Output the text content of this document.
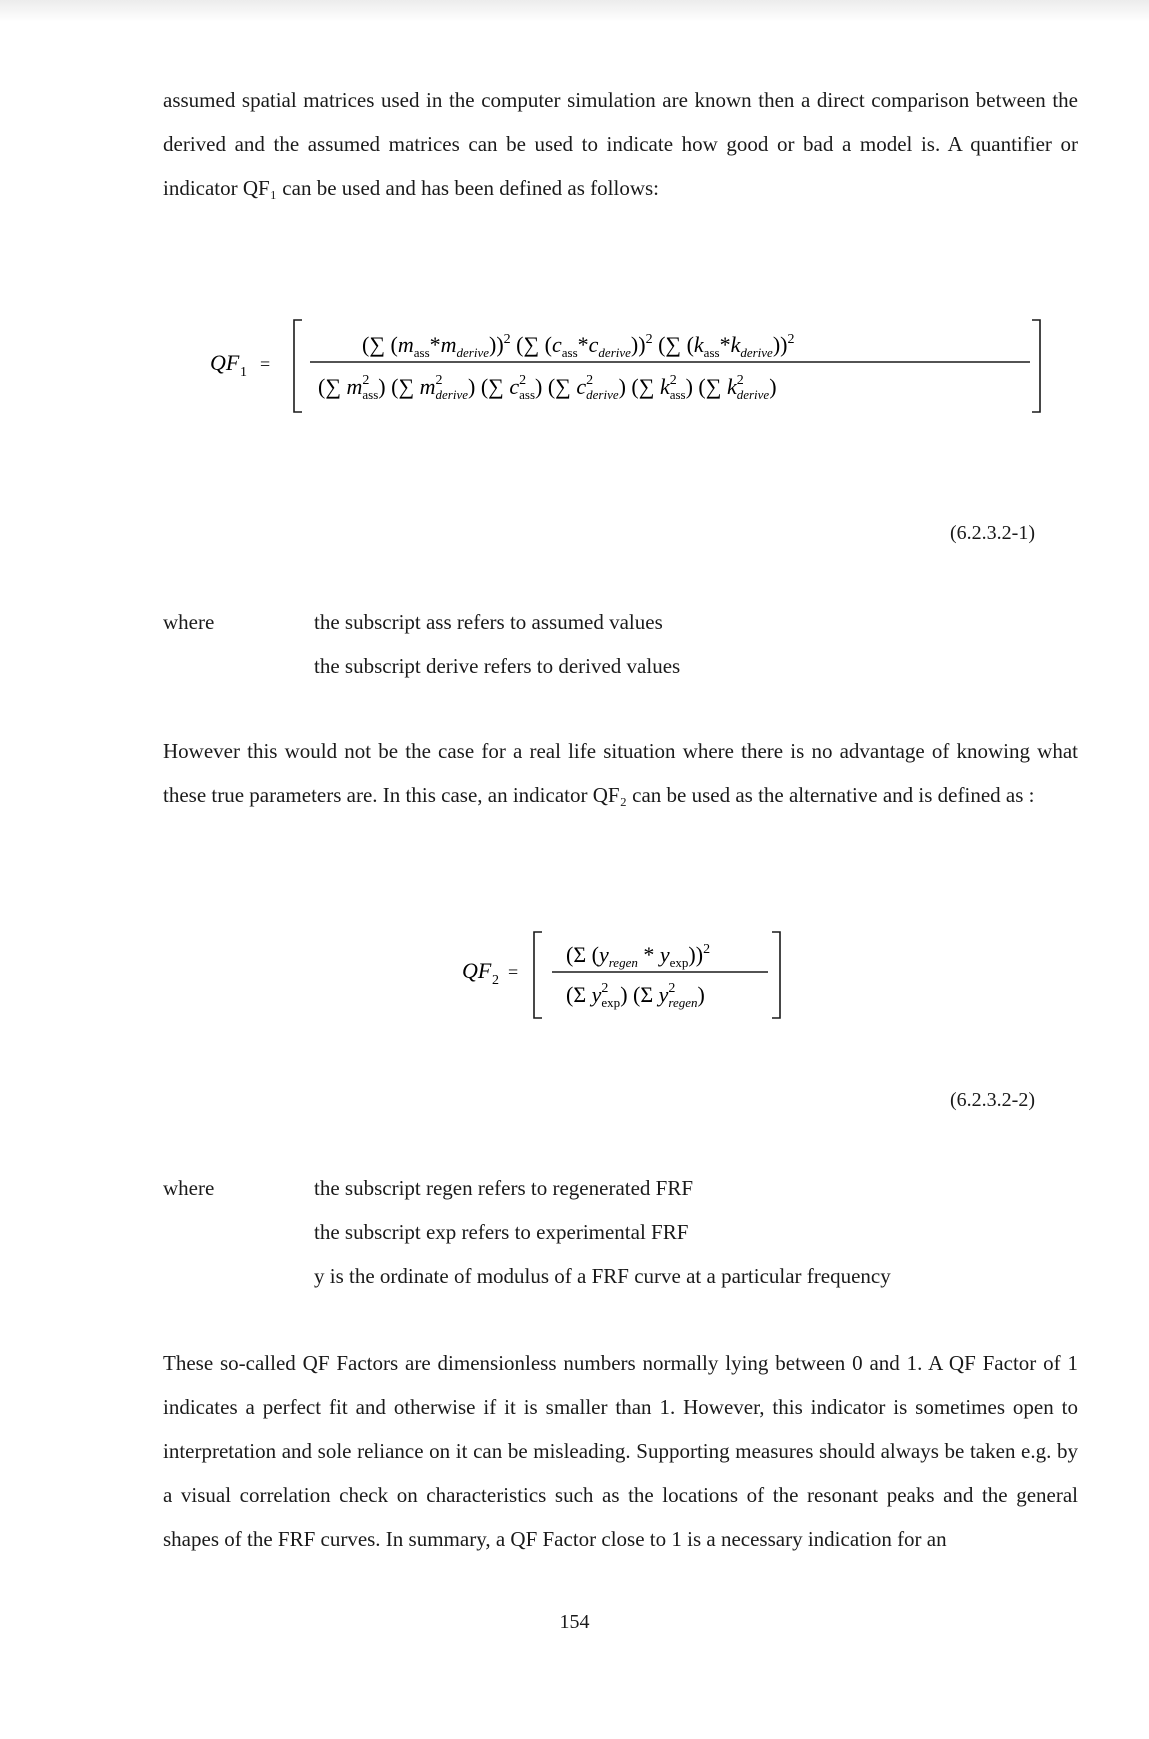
assumed spatial matrices used in the computer simulation are known then a direct comparison between the derived and the assumed matrices can be used to indicate how good or bad a model is. A quantifier or indicator QF₁ can be used and has been defined as follows:

QF 1 =
(∑ $(m_{ass}*m_{derive}))^2$ (∑ $(c_{ass}*c_{derive}))^2$ (∑ $(k_{ass}*k_{derive}))^2$
(∑ $m^2$ ass) (∑ $m^2$ derive) (∑ $c^2$ ass) (∑ $c^2$ derive) (∑ $k^2$ ass) (∑ $k^2$ derive)
(6.2.3.2-1)
where	the subscript ass refers to assumed values
the subscript derive refers to derived values

However this would not be the case for a real life situation where there is no advantage of knowing what these true parameters are. In this case, an indicator QF₂ can be used as the alternative and is defined as :

QF 2 =
(Σ $(y_{regen} * y_{exp}))^2$
(Σ $y^2$ exp) (Σ $y^2$ regen)
(6.2.3.2-2)
where	the subscript regen refers to regenerated FRF
the subscript exp refers to experimental FRF
y is the ordinate of modulus of a FRF curve at a particular frequency

These so-called QF Factors are dimensionless numbers normally lying between 0 and 1. A QF Factor of 1 indicates a perfect fit and otherwise if it is smaller than 1. However, this indicator is sometimes open to interpretation and sole reliance on it can be misleading. Supporting measures should always be taken e.g. by a visual correlation check on characteristics such as the locations of the resonant peaks and the general shapes of the FRF curves. In summary, a QF Factor close to 1 is a necessary indication for an

154
